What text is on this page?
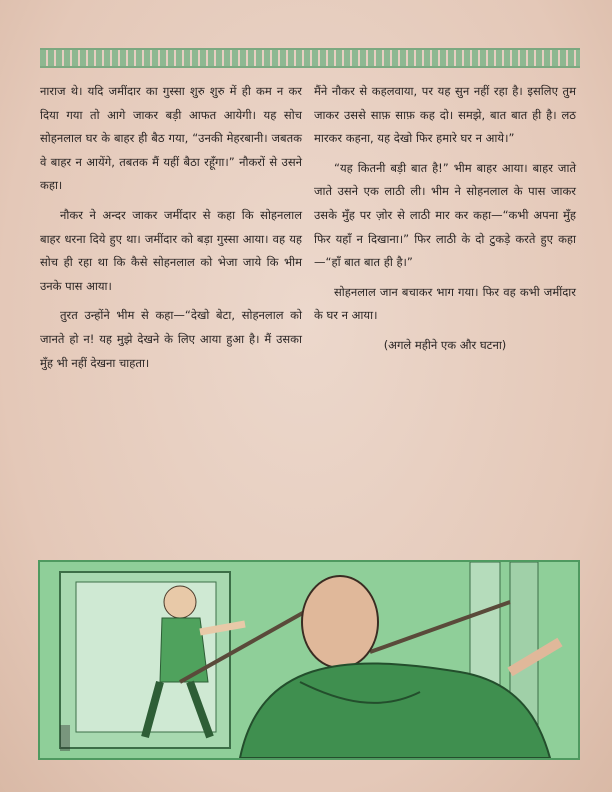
नाराज थे। यदि जमींदार का गुस्सा शुरु शुरु में ही कम न कर दिया गया तो आगे जाकर बड़ी आफत आयेगी। यह सोच सोहनलाल घर के बाहर ही बैठ गया, “उनकी मेहरबानी। जबतक वे बाहर न आयेंगे, तबतक मैं यहीं बैठा रहूँगा।” नौकरों से उसने कहा।

नौकर ने अन्दर जाकर जमींदार से कहा कि सोहनलाल बाहर धरना दिये हुए था। जमींदार को बड़ा गुस्सा आया। वह यह सोच ही रहा था कि कैसे सोहनलाल को भेजा जाये कि भीम उनके पास आया।

तुरत उन्होंने भीम से कहा—“देखो बेटा, सोहनलाल को जानते हो न! यह मुझे देखने के लिए आया हुआ है। मैं उसका मुँह भी नहीं देखना चाहता।

मैंने नौकर से कहलवाया, पर यह सुन नहीं रहा है। इसलिए तुम जाकर उससे साफ़ साफ़ कह दो। समझे, बात बात ही है। लठ मारकर कहना, यह देखो फिर हमारे घर न आये।”

“यह कितनी बड़ी बात है!” भीम बाहर आया। बाहर जाते जाते उसने एक लाठी ली। भीम ने सोहनलाल के पास जाकर उसके मुँह पर ज़ोर से लाठी मार कर कहा—“कभी अपना मुँह फिर यहाँ न दिखाना।” फिर लाठी के दो टुकड़े करते हुए कहा—“हाँ बात बात ही है।”

सोहनलाल जान बचाकर भाग गया। फिर वह कभी जमींदार के घर न आया।

(अगले महीने एक और घटना)
